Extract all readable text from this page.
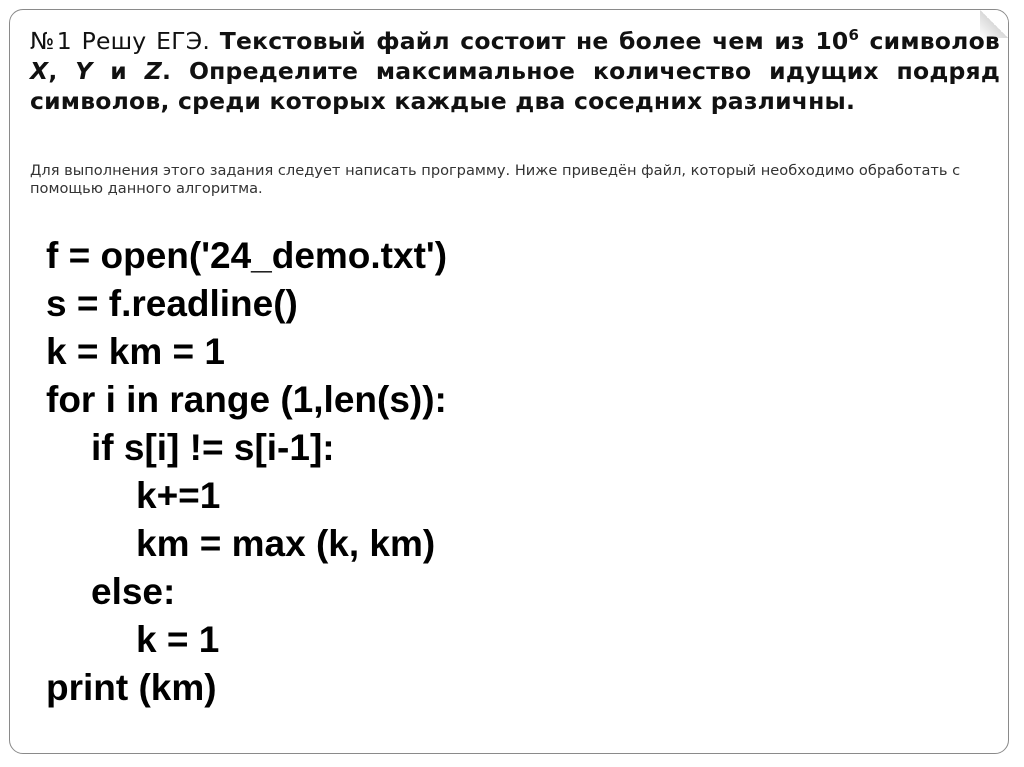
№1 Решу ЕГЭ. Текстовый файл состоит не более чем из $10^6$ символов X, Y и Z. Определите максимальное количество идущих подряд символов, среди которых каждые два соседних различны.
Для выполнения этого задания следует написать программу. Ниже приведён файл, который необходимо обработать с помощью данного алгоритма.
f = open('24_demo.txt')
s = f.readline()
k = km = 1
for i in range (1,len(s)):
if s[i] != s[i-1]:
k+=1
km = max (k, km)
else:
k = 1
print (km)
